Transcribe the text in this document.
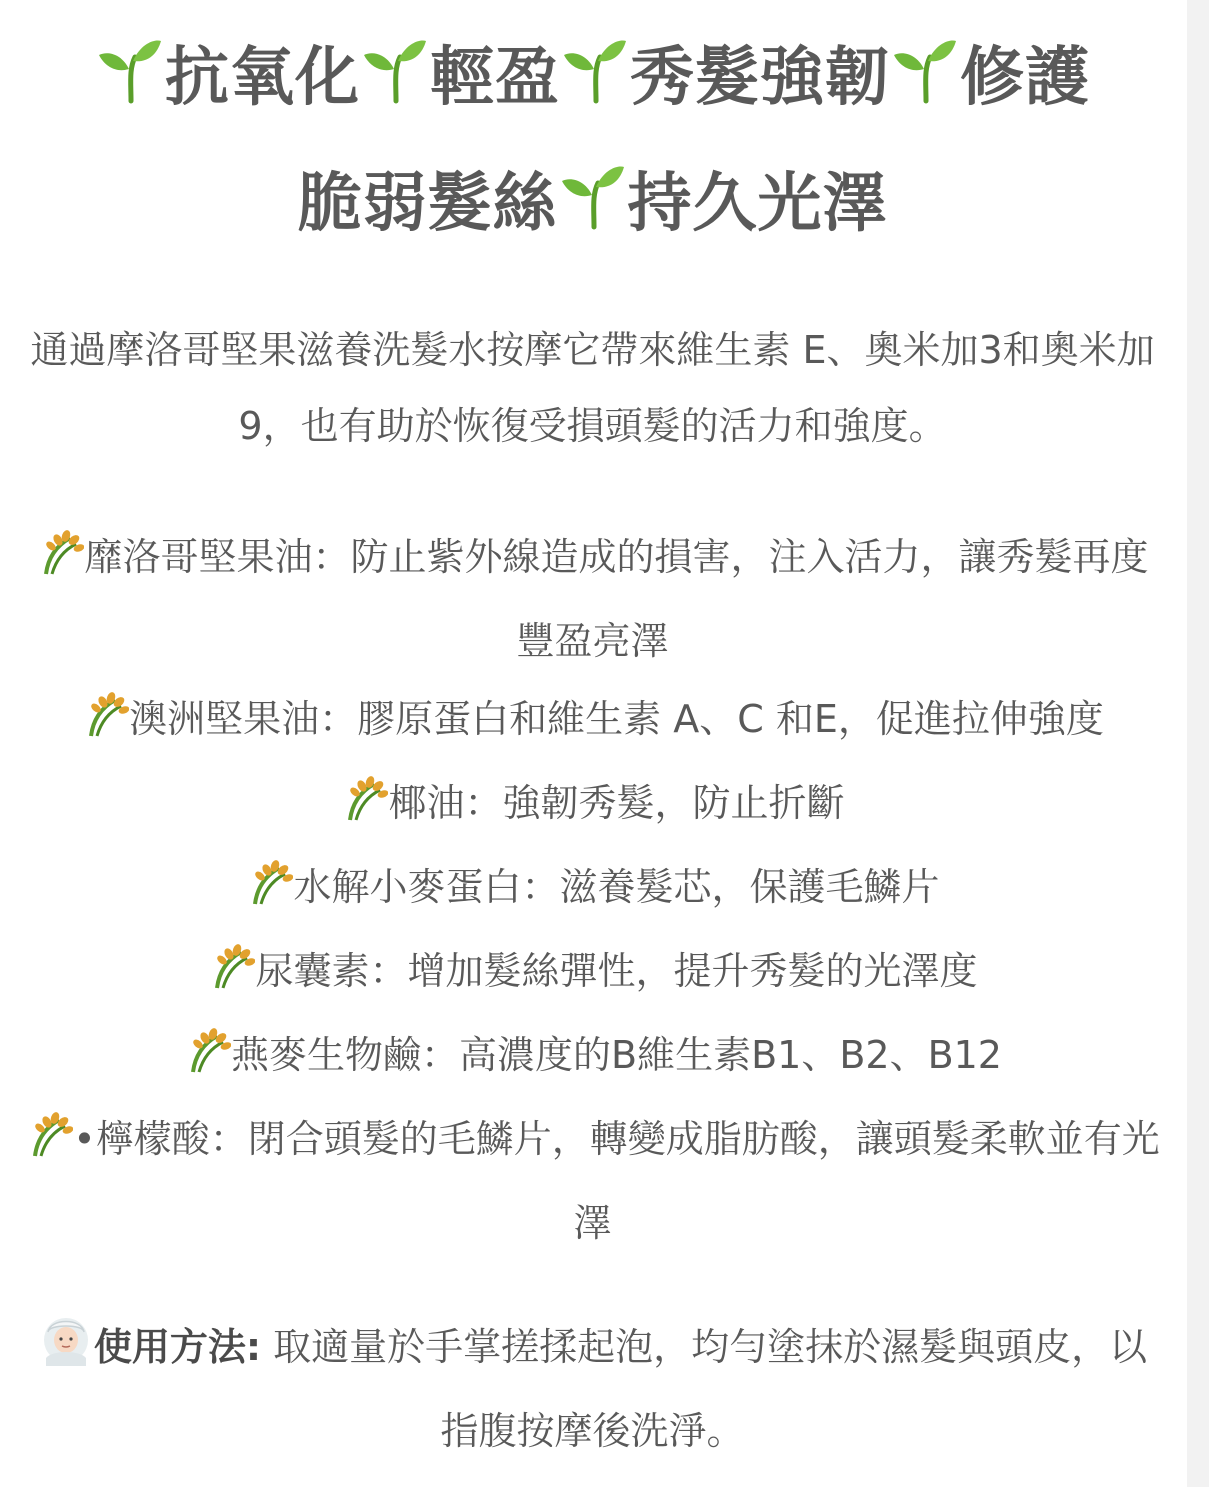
抗氧化 輕盈 秀髮強韌 修護
脆弱髮絲 持久光澤
通過摩洛哥堅果滋養洗髮水按摩它帶來維生素 E、奧米加3和奧米加 9，也有助於恢復受損頭髮的活力和強度。
靡洛哥堅果油：防止紫外線造成的損害，注入活力，讓秀髮再度豐盈亮澤
澳洲堅果油：膠原蛋白和維生素 A、C 和E，促進拉伸強度
椰油：強韌秀髮，防止折斷
水解小麥蛋白：滋養髮芯，保護毛鱗片
尿囊素：增加髮絲彈性，提升秀髮的光澤度
燕麥生物鹼：高濃度的B維生素B1、B2、B12
•檸檬酸：閉合頭髮的毛鱗片，轉變成脂肪酸，讓頭髮柔軟並有光澤
使用方法: 取適量於手掌搓揉起泡，均勻塗抹於濕髮與頭皮，以指腹按摩後洗淨。
